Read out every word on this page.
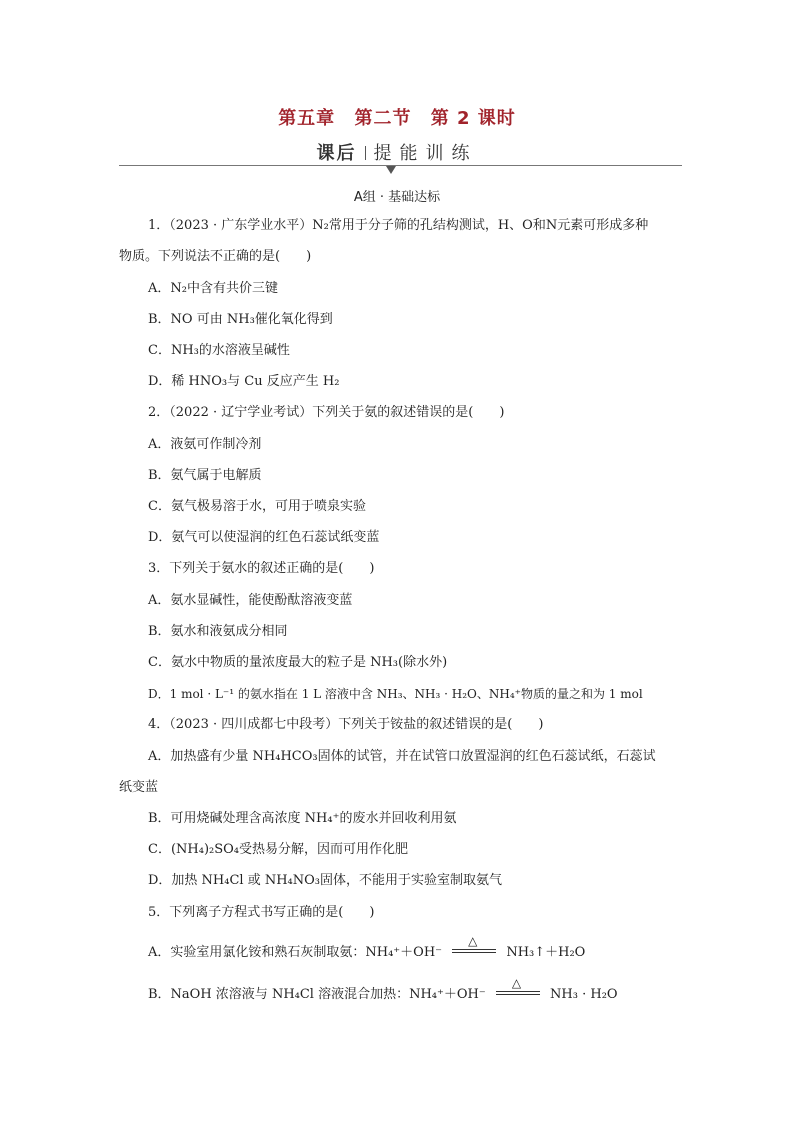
第五章 第二节 第 2 课时
课后 提能训练
A组 · 基础达标
1．（2023 · 广东学业水平）N₂常用于分子筛的孔结构测试，H、O和N元素可形成多种
物质。下列说法不正确的是(　　)
A．N₂中含有共价三键
B．NO 可由 NH₃催化氧化得到
C．NH₃的水溶液呈碱性
D．稀 HNO₃与 Cu 反应产生 H₂
2．（2022 · 辽宁学业考试）下列关于氨的叙述错误的是(　　)
A．液氨可作制冷剂
B．氨气属于电解质
C．氨气极易溶于水，可用于喷泉实验
D．氨气可以使湿润的红色石蕊试纸变蓝
3．下列关于氨水的叙述正确的是(　　)
A．氨水显碱性，能使酚酞溶液变蓝
B．氨水和液氨成分相同
C．氨水中物质的量浓度最大的粒子是 NH₃(除水外)
D．1 mol · L⁻¹ 的氨水指在 1 L 溶液中含 NH₃、NH₃ · H₂O、NH₄⁺物质的量之和为 1 mol
4．（2023 · 四川成都七中段考）下列关于铵盐的叙述错误的是(　　)
A．加热盛有少量 NH₄HCO₃固体的试管，并在试管口放置湿润的红色石蕊试纸，石蕊试
纸变蓝
B．可用烧碱处理含高浓度 NH₄⁺的废水并回收利用氨
C．(NH₄)₂SO₄受热易分解，因而可用作化肥
D．加热 NH₄Cl 或 NH₄NO₃固体，不能用于实验室制取氨气
5．下列离子方程式书写正确的是(　　)
A．实验室用氯化铵和熟石灰制取氨：NH₄⁺＋OH⁻
△
NH₃↑＋H₂O
B．NaOH 浓溶液与 NH₄Cl 溶液混合加热：NH₄⁺＋OH⁻
△
NH₃ · H₂O
